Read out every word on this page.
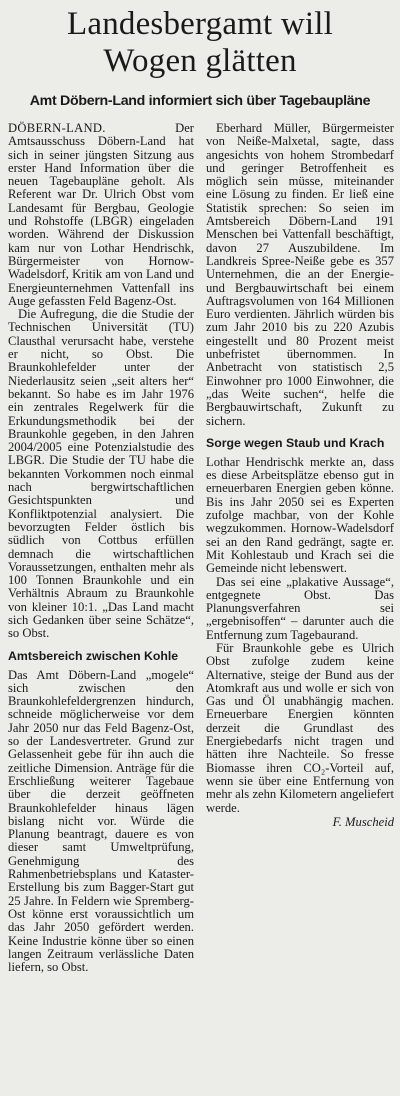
Landesbergamt will
Wogen glätten
Amt Döbern-Land informiert sich über Tagebaupläne

DÖBERN-LAND.	Der Amtsausschuss Döbern-Land hat sich in seiner jüngsten Sitzung aus erster Hand Information über die neuen Tagebaupläne geholt. Als Referent war Dr. Ulrich Obst vom Landesamt für Bergbau, Geologie und Rohstoffe (LBGR) eingeladen worden. Während der Diskussion kam nur von Lothar Hendrischk, Bürgermeister von Hornow-Wadelsdorf, Kritik am von Land und Energieunternehmen Vattenfall ins Auge gefassten Feld Bagenz-Ost.

Die Aufregung, die die Studie der Technischen Universität (TU) Clausthal verursacht habe, verstehe er nicht, so Obst. Die Braunkohlefelder unter der Niederlausitz seien „seit alters her“ bekannt. So habe es im Jahr 1976 ein zentrales Regelwerk für die Erkundungsmethodik bei der Braunkohle gegeben, in den Jahren 2004/2005 eine Potenzialstudie des LBGR. Die Studie der TU habe die bekannten Vorkommen noch einmal nach bergwirtschaftlichen Gesichtspunkten und Konfliktpotenzial analysiert. Die bevorzugten Felder östlich bis südlich von Cottbus erfüllen demnach die wirtschaftlichen Voraussetzungen, enthalten mehr als 100 Tonnen Braunkohle und ein Verhältnis Abraum zu Braunkohle von kleiner 10:1. „Das Land macht sich Gedanken über seine Schätze“, so Obst.

Amtsbereich zwischen Kohle

Das Amt Döbern-Land „mogele“ sich zwischen den Braunkohlefeldergrenzen hindurch, schneide möglicherweise vor dem Jahr 2050 nur das Feld Bagenz-Ost, so der Landesvertreter. Grund zur Gelassenheit gebe für ihn auch die zeitliche Dimension. Anträge für die Erschließung weiterer Tagebaue über die derzeit geöffneten Braunkohlefelder hinaus lägen bislang nicht vor. Würde die Planung beantragt, dauere es von dieser samt Umweltprüfung, Genehmigung des Rahmenbetriebsplans und Kataster-Erstellung bis zum Bagger-Start gut 25 Jahre. In Feldern wie Spremberg-Ost könne erst voraussichtlich um das Jahr 2050 gefördert werden. Keine Industrie könne über so einen langen Zeitraum verlässliche Daten liefern, so Obst.

Eberhard Müller, Bürgermeister von Neiße-Malxetal, sagte, dass angesichts von hohem Strombedarf und geringer Betroffenheit es möglich sein müsse, miteinander eine Lösung zu finden. Er ließ eine Statistik sprechen: So seien im Amtsbereich Döbern-Land 191 Menschen bei Vattenfall beschäftigt, davon 27 Auszubildene. Im Landkreis Spree-Neiße gebe es 357 Unternehmen, die an der Energie- und Bergbauwirtschaft bei einem Auftragsvolumen von 164 Millionen Euro verdienten. Jährlich würden bis zum Jahr 2010 bis zu 220 Azubis eingestellt und 80 Prozent meist unbefristet übernommen. In Anbetracht von statistisch 2,5 Einwohner pro 1000 Einwohner, die „das Weite suchen“, helfe die Bergbauwirtschaft, Zukunft zu sichern.

Sorge wegen Staub und Krach

Lothar Hendrischk merkte an, dass es diese Arbeitsplätze ebenso gut in erneuerbaren Energien geben könne. Bis ins Jahr 2050 sei es Experten zufolge machbar, von der Kohle wegzukommen. Hornow-Wadelsdorf sei an den Rand gedrängt, sagte er. Mit Kohlestaub und Krach sei die Gemeinde nicht lebenswert.

Das sei eine „plakative Aussage“, entgegnete Obst. Das Planungsverfahren sei „ergebnisoffen“ – darunter auch die Entfernung zum Tagebaurand.

Für Braunkohle gebe es Ulrich Obst zufolge zudem keine Alternative, steige der Bund aus der Atomkraft aus und wolle er sich von Gas und Öl unabhängig machen. Erneuerbare Energien könnten derzeit die Grundlast des Energiebedarfs nicht tragen und hätten ihre Nachteile. So fresse Biomasse ihren CO₂-Vorteil auf, wenn sie über eine Entfernung von mehr als zehn Kilometern angeliefert werde.

F. Muscheid
